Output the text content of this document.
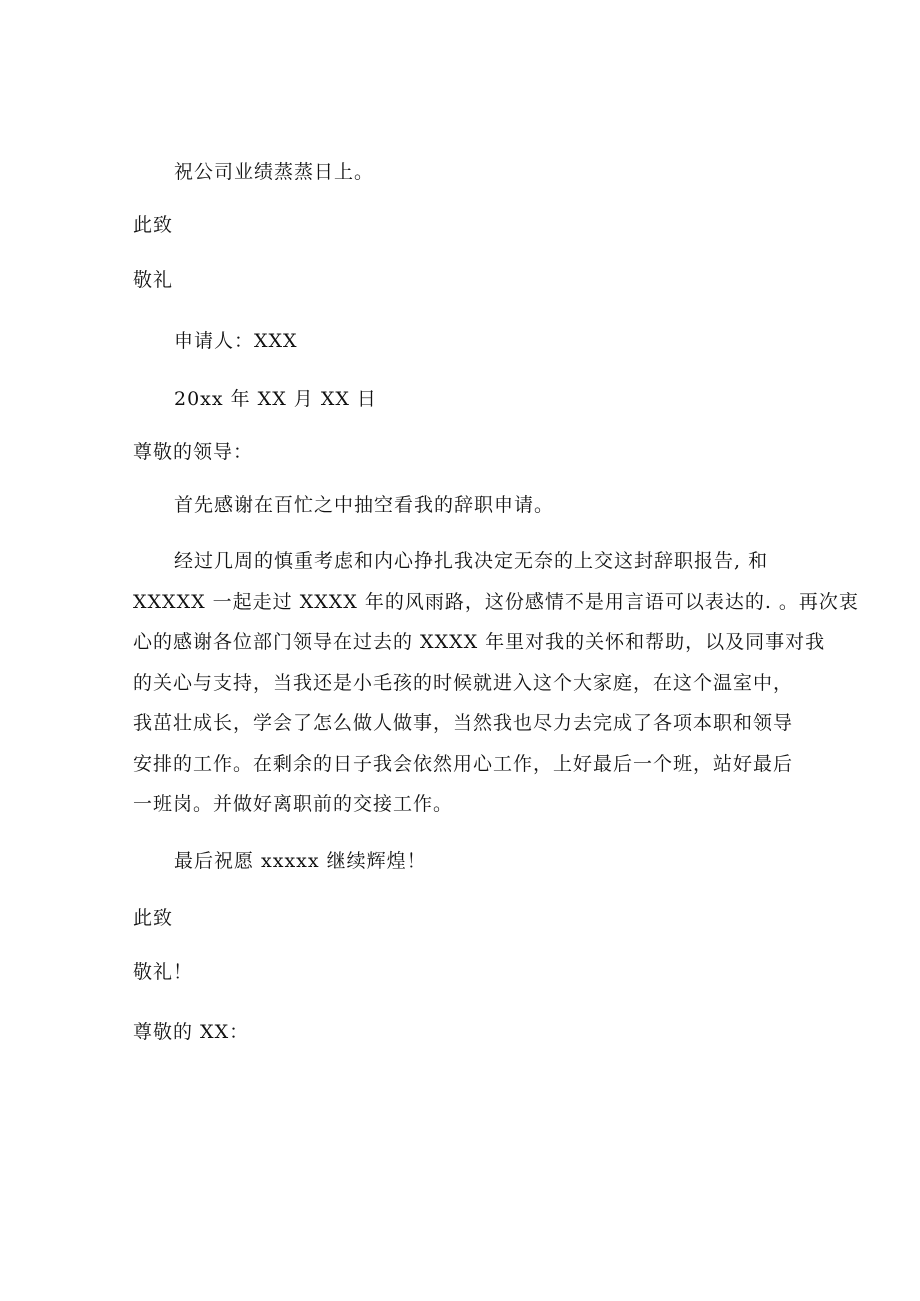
祝公司业绩蒸蒸日上。
此致
敬礼
申请人：XXX
20xx 年 XX 月 XX 日
尊敬的领导：
首先感谢在百忙之中抽空看我的辞职申请。
经过几周的慎重考虑和内心挣扎我决定无奈的上交这封辞职报告, 和
XXXXX 一起走过 XXXX 年的风雨路，这份感情不是用言语可以表达的. 。再次衷
心的感谢各位部门领导在过去的 XXXX 年里对我的关怀和帮助，以及同事对我
的关心与支持，当我还是小毛孩的时候就进入这个大家庭，在这个温室中，
我茁壮成长，学会了怎么做人做事，当然我也尽力去完成了各项本职和领导
安排的工作。在剩余的日子我会依然用心工作，上好最后一个班，站好最后
一班岗。并做好离职前的交接工作。
最后祝愿 xxxxx 继续辉煌！
此致
敬礼！
尊敬的 XX：
